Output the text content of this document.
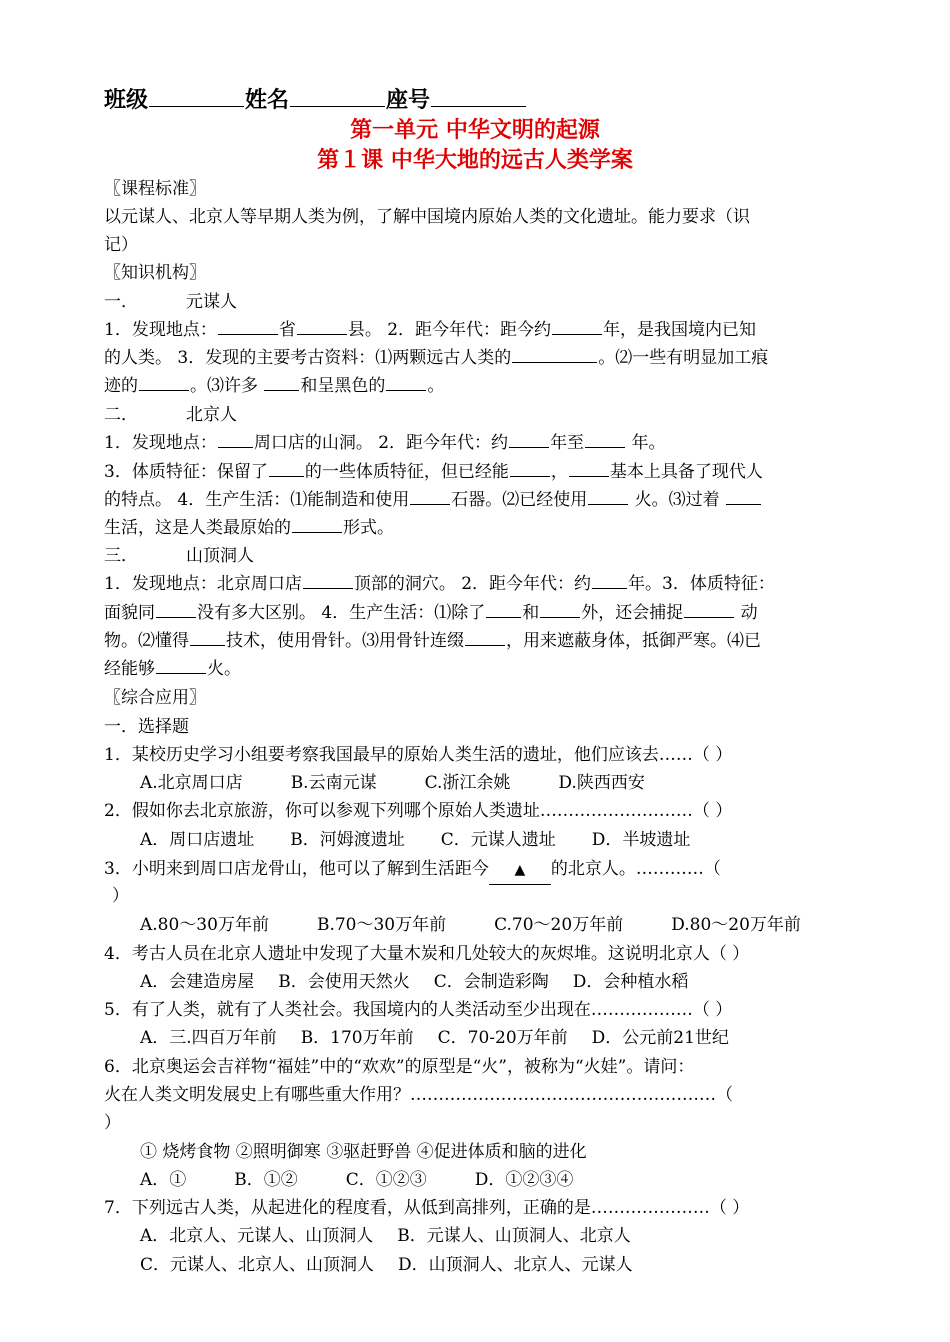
班级	姓名	座号
第一单元 中华文明的起源
第１课 中华大地的远古人类学案
〖课程标准〗
以元谋人、北京人等早期人类为例，了解中国境内原始人类的文化遗址。能力要求（识
记）
〖知识机构〗
一．	元谋人
1．发现地点：	省	县。 2．距今年代：距今约	年，是我国境内已知
的人类。 3．发现的主要考古资料：⑴两颗远古人类的	。⑵一些有明显加工痕
迹的	。⑶许多 和呈黑色的 。
二．	北京人
1．发现地点： 周口店的山洞。 2．距今年代：约 年至 年。
3．体质特征：保留了 的一些体质特征，但已经能 ， 基本上具备了现代人
的特点。 4．生产生活：⑴能制造和使用 石器。⑵已经使用 火。⑶过着
生活，这是人类最原始的	形式。
三．	山顶洞人
1．发现地点：北京周口店	顶部的洞穴。 2．距今年代：约 年。3．体质特征：
面貌同 没有多大区别。 4．生产生活：⑴除了 和 外，还会捕捉	动
物。⑵懂得 技术，使用骨针。⑶用骨针连缀 ，用来遮蔽身体，抵御严寒。⑷已
经能够	火。
〖综合应用〗
一．选择题
1．某校历史学习小组要考察我国最早的原始人类生活的遗址，他们应该去……（ ）
A.北京周口店	B.云南元谋	C.浙江余姚	D.陕西西安
2．假如你去北京旅游，你可以参观下列哪个原始人类遗址………………………（ ）
A．周口店遗址 B．河姆渡遗址 C．元谋人遗址 D．半坡遗址
3．小明来到周口店龙骨山，他可以了解到生活距今 ▲ 的北京人。…………（
）
A.80～30万年前	B.70～30万年前	C.70～20万年前	D.80～20万年前
4．考古人员在北京人遗址中发现了大量木炭和几处较大的灰烬堆。这说明北京人（ ）
A．会建造房屋 B．会使用天然火 C．会制造彩陶 D．会种植水稻
5．有了人类，就有了人类社会。我国境内的人类活动至少出现在………………（ ）
A．三.四百万年前 B．170万年前 C．70-20万年前 D．公元前21世纪
6．北京奥运会吉祥物“福娃”中的“欢欢”的原型是“火”，被称为“火娃”。请问：
火在人类文明发展史上有哪些重大作用？………………………………………………（
）
① 烧烤食物 ②照明御寒 ③驱赶野兽 ④促进体质和脑的进化
A．①	B．①②	C．①②③	D．①②③④
7．下列远古人类，从起进化的程度看，从低到高排列，正确的是…………………（ ）
A．北京人、元谋人、山顶洞人 B．元谋人、山顶洞人、北京人
C．元谋人、北京人、山顶洞人 D．山顶洞人、北京人、元谋人
